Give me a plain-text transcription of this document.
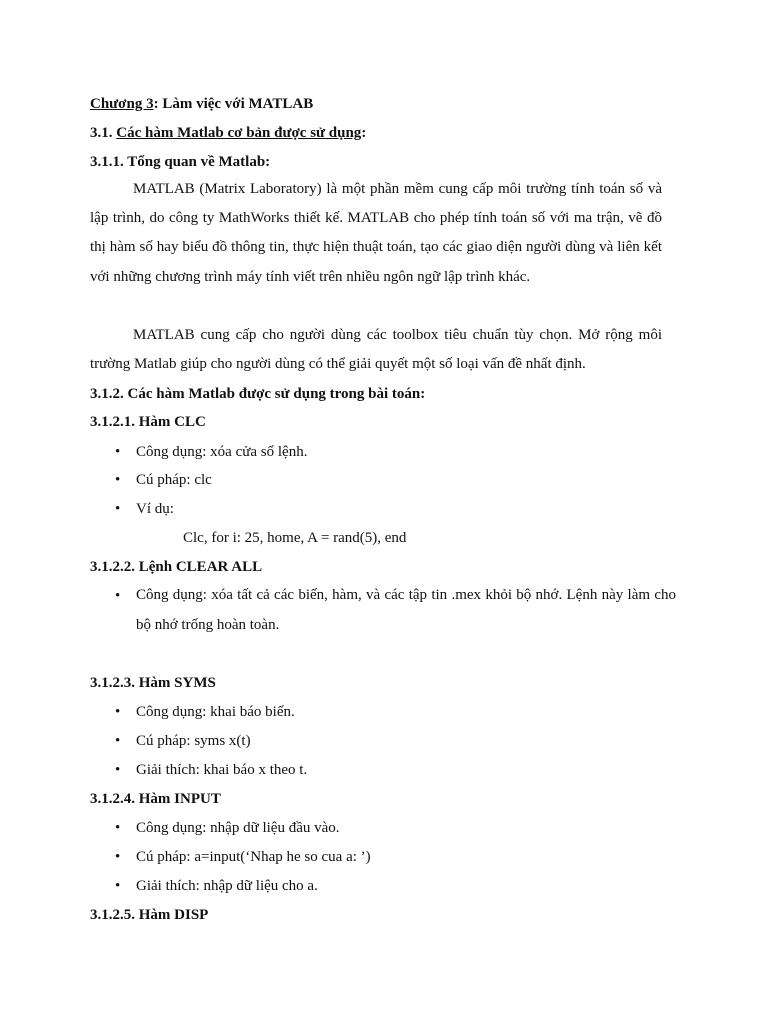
Chương 3: Làm việc với MATLAB
3.1. Các hàm Matlab cơ bản được sử dụng:
3.1.1. Tổng quan về Matlab:

MATLAB (Matrix Laboratory) là một phần mềm cung cấp môi trường tính toán số và lập trình, do công ty MathWorks thiết kế. MATLAB cho phép tính toán số với ma trận, vẽ đồ thị hàm số hay biểu đồ thông tin, thực hiện thuật toán, tạo các giao diện người dùng và liên kết với những chương trình máy tính viết trên nhiều ngôn ngữ lập trình khác.

MATLAB cung cấp cho người dùng các toolbox tiêu chuẩn tùy chọn. Mở rộng môi trường Matlab giúp cho người dùng có thể giải quyết một số loại vấn đề nhất định.

3.1.2. Các hàm Matlab được sử dụng trong bài toán:
3.1.2.1. Hàm CLC
• Công dụng: xóa cửa sổ lệnh.
• Cú pháp: clc
• Ví dụ:
Clc, for i: 25, home, A = rand(5), end
3.1.2.2. Lệnh CLEAR ALL
• Công dụng: xóa tất cả các biến, hàm, và các tập tin .mex khỏi bộ nhớ. Lệnh này làm cho bộ nhớ trống hoàn toàn.

3.1.2.3. Hàm SYMS
• Công dụng: khai báo biến.
• Cú pháp: syms x(t)
• Giải thích: khai báo x theo t.
3.1.2.4. Hàm INPUT
• Công dụng: nhập dữ liệu đầu vào.
• Cú pháp: a=input(‘Nhap he so cua a: ’)
• Giải thích: nhập dữ liệu cho a.
3.1.2.5. Hàm DISP
